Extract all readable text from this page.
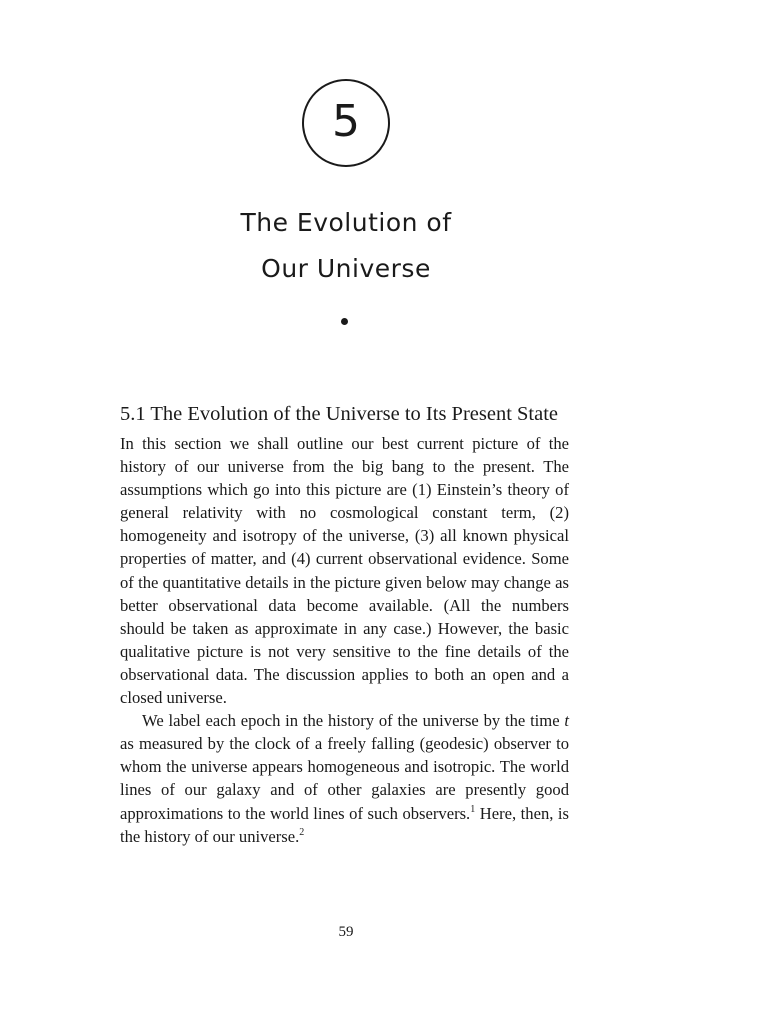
5
The Evolution of
Our Universe
5.1 The Evolution of the Universe to Its Present State

In this section we shall outline our best current picture of the history of our universe from the big bang to the present. The assumptions which go into this picture are (1) Einstein’s theory of general relativity with no cosmological constant term, (2) homogeneity and isotropy of the universe, (3) all known physical properties of matter, and (4) current observational evidence. Some of the quantitative details in the picture given below may change as better observational data become available. (All the numbers should be taken as approximate in any case.) However, the basic qualitative picture is not very sensitive to the fine details of the observational data. The discussion applies to both an open and a closed universe.

We label each epoch in the history of the universe by the time t as measured by the clock of a freely falling (geodesic) observer to whom the universe appears homogeneous and isotropic. The world lines of our galaxy and of other galaxies are presently good approximations to the world lines of such observers.$^1$ Here, then, is the history of our universe.$^2$

59
